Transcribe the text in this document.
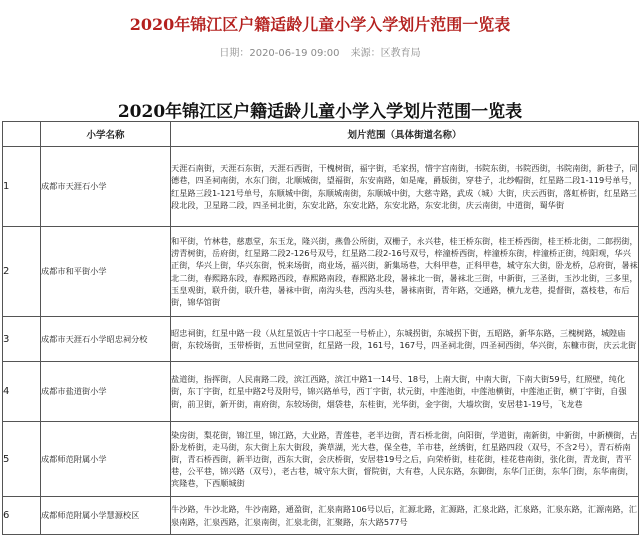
2020年锦江区户籍适龄儿童小学入学划片范围一览表
日期：2020-06-19 09:00 来源：区教育局
2020年锦江区户籍适龄儿童小学入学划片范围一览表
	小学名称	划片范围（具体街道名称）
1	成都市天涯石小学	天涯石南街，天涯石东街，天涯石西街，干槐树街，福字街，毛家拐，惜字宫南街，书院东街，书院西街，书院南街，新巷子，同德巷，四圣祠南街，水东门街，北顺城街，望福街，东安南路，如是庵，爵版街，穿巷子，北纱帽街，红星路二段1-119号单号，红星路三段1-121号单号，东顺城中街，东顺城南街，东顺城中街，大慈寺路，武成（城）大街，庆云西街，落虹桥街，红星路三段北段，卫星路二段，四圣祠北街，东安北路，东安北路，东安北路，东安北街，庆云南街，中道街，蜀华街
2	成都市和平街小学	和平街，竹林巷，慈惠堂，东玉龙，隆兴街，燕鲁公所街，双栅子，永兴巷，桂王桥东街，桂王桥西街，桂王桥北街，二郎拐街，涝青树街，岳府街，红星路二段2-126号双号，红星路二段2-16号双号，梓潼桥西街，梓潼桥东街，梓潼桥正街，纯阳观，华兴正街，华兴上街，华兴东街，悦来场街，商业场，福兴街，新集场巷，大科甲巷，正科甲巷，城守东大街，卧龙桥，总府街，暑袜北二街，春熙路东段，春熙路西段，春熙路南段，春熙路北段，暑袜北一街，暑袜北三街，中新街，三圣街，玉沙北街，三多里，玉皇观街，联升街，联升巷，暑袜中街，南沟头巷，西沟头巷，暑袜南街，青年路，交通路，横九龙巷，提督街，荔枝巷，布后街，锦华馆街
3	成都市天涯石小学昭忠祠分校	昭忠祠街，红星中路一段（从红星饭店十字口起至一号桥止），东城拐街，东城拐下街，五昭路，新华东路，三槐树路，城隍庙街，东较场街，玉带桥街，五世同堂街，红星路一段，161号，167号，四圣祠北街，四圣祠西街，华兴街，东糠市街，庆云北街
4	成都市盐道街小学	盐道街，指挥街，人民南路二段，滨江西路，滨江中路1一14号、18号，上南大街，中南大街，下南大街59号，红照壁，纯化街，东丁字街，红星中路2号及附号，锦兴路单号，西丁字街，状元街，中莲池街，中莲池横街，中莲池正街，横丁字街，自强街，前卫街，新开街，南府街，东较场街，烟袋巷，东桂街，光华街，金字街，大墙坎街，安居巷1-19号，飞龙巷
5	成都师范附属小学	染房街，梨花街，锦江里，锦江路，大业路，青莲巷，老半边街，青石桥北街，向阳街，学道街，南新街，中新街，中新横街，古卧龙桥街，走马街，东大街上东大街段，粪草湖，光大巷，保全巷，羊市巷，丝绣街，红星路四段（双号，不含2号），青石桥南街，青石桥西街，新半边街，西东大街，会庆桥街，安居巷19号之后，向荣桥街，桂花街，桂花巷南街，张化街，青龙街，青平巷，公平巷，锦兴路（双号），老古巷，城守东大街，督院街，大有巷，人民东路，东御街，东华门正街，东华门街，东华南街，宾隆巷，下西顺城街
6	成都师范附属小学慧源校区	牛沙路，牛沙北路，牛沙南路，通盈街，汇泉南路106号以后，汇源北路，汇源路，汇泉北路，汇泉路，汇泉东路，汇源南路，汇泉南路，汇泉西路，汇泉南街，汇泉北街，汇聚路，东大路577号
